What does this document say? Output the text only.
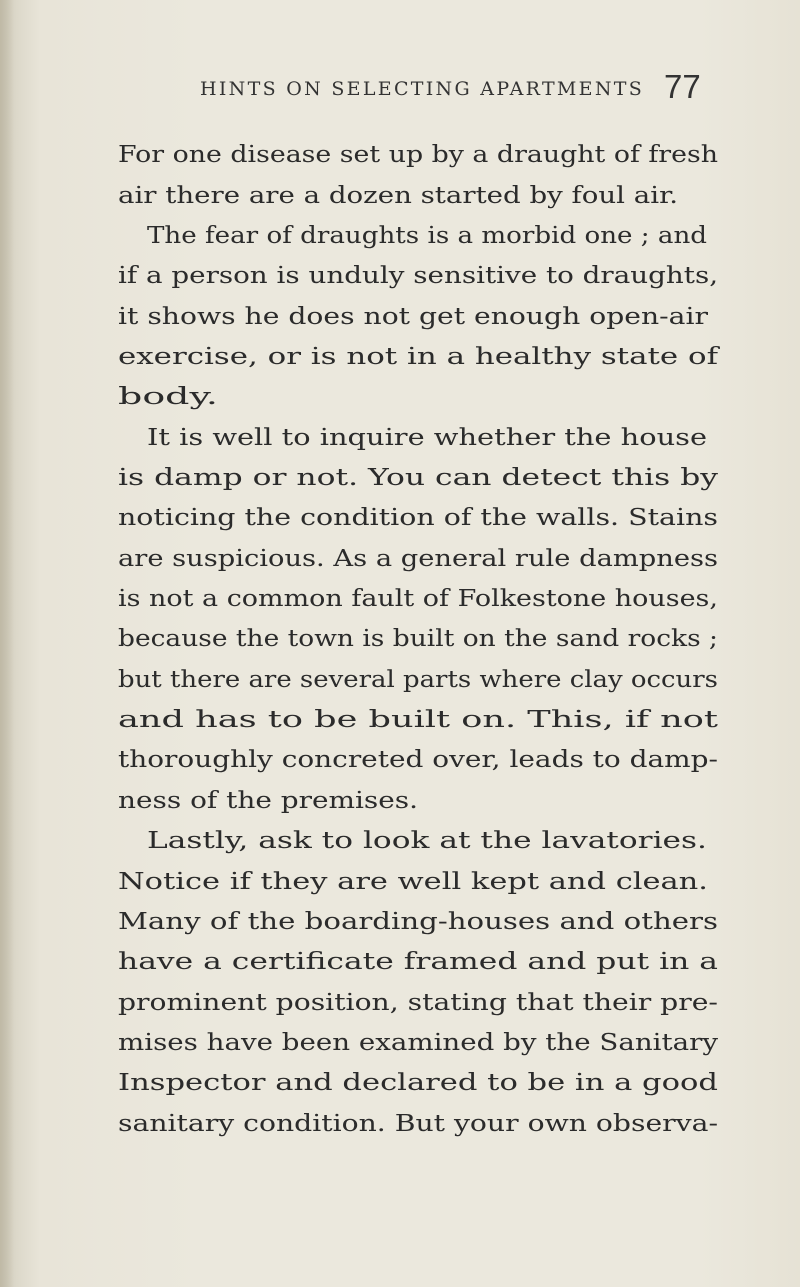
HINTS ON SELECTING APARTMENTS 77
For one disease set up by a draught of fresh
air there are a dozen started by foul air.
The fear of draughts is a morbid one ; and
if a person is unduly sensitive to draughts,
it shows he does not get enough open-air
exercise, or is not in a healthy state of
body.
It is well to inquire whether the house
is damp or not. You can detect this by
noticing the condition of the walls. Stains
are suspicious. As a general rule dampness
is not a common fault of Folkestone houses,
because the town is built on the sand rocks ;
but there are several parts where clay occurs
and has to be built on. This, if not
thoroughly concreted over, leads to damp-
ness of the premises.
Lastly, ask to look at the lavatories.
Notice if they are well kept and clean.
Many of the boarding-houses and others
have a certificate framed and put in a
prominent position, stating that their pre-
mises have been examined by the Sanitary
Inspector and declared to be in a good
sanitary condition. But your own observa-
